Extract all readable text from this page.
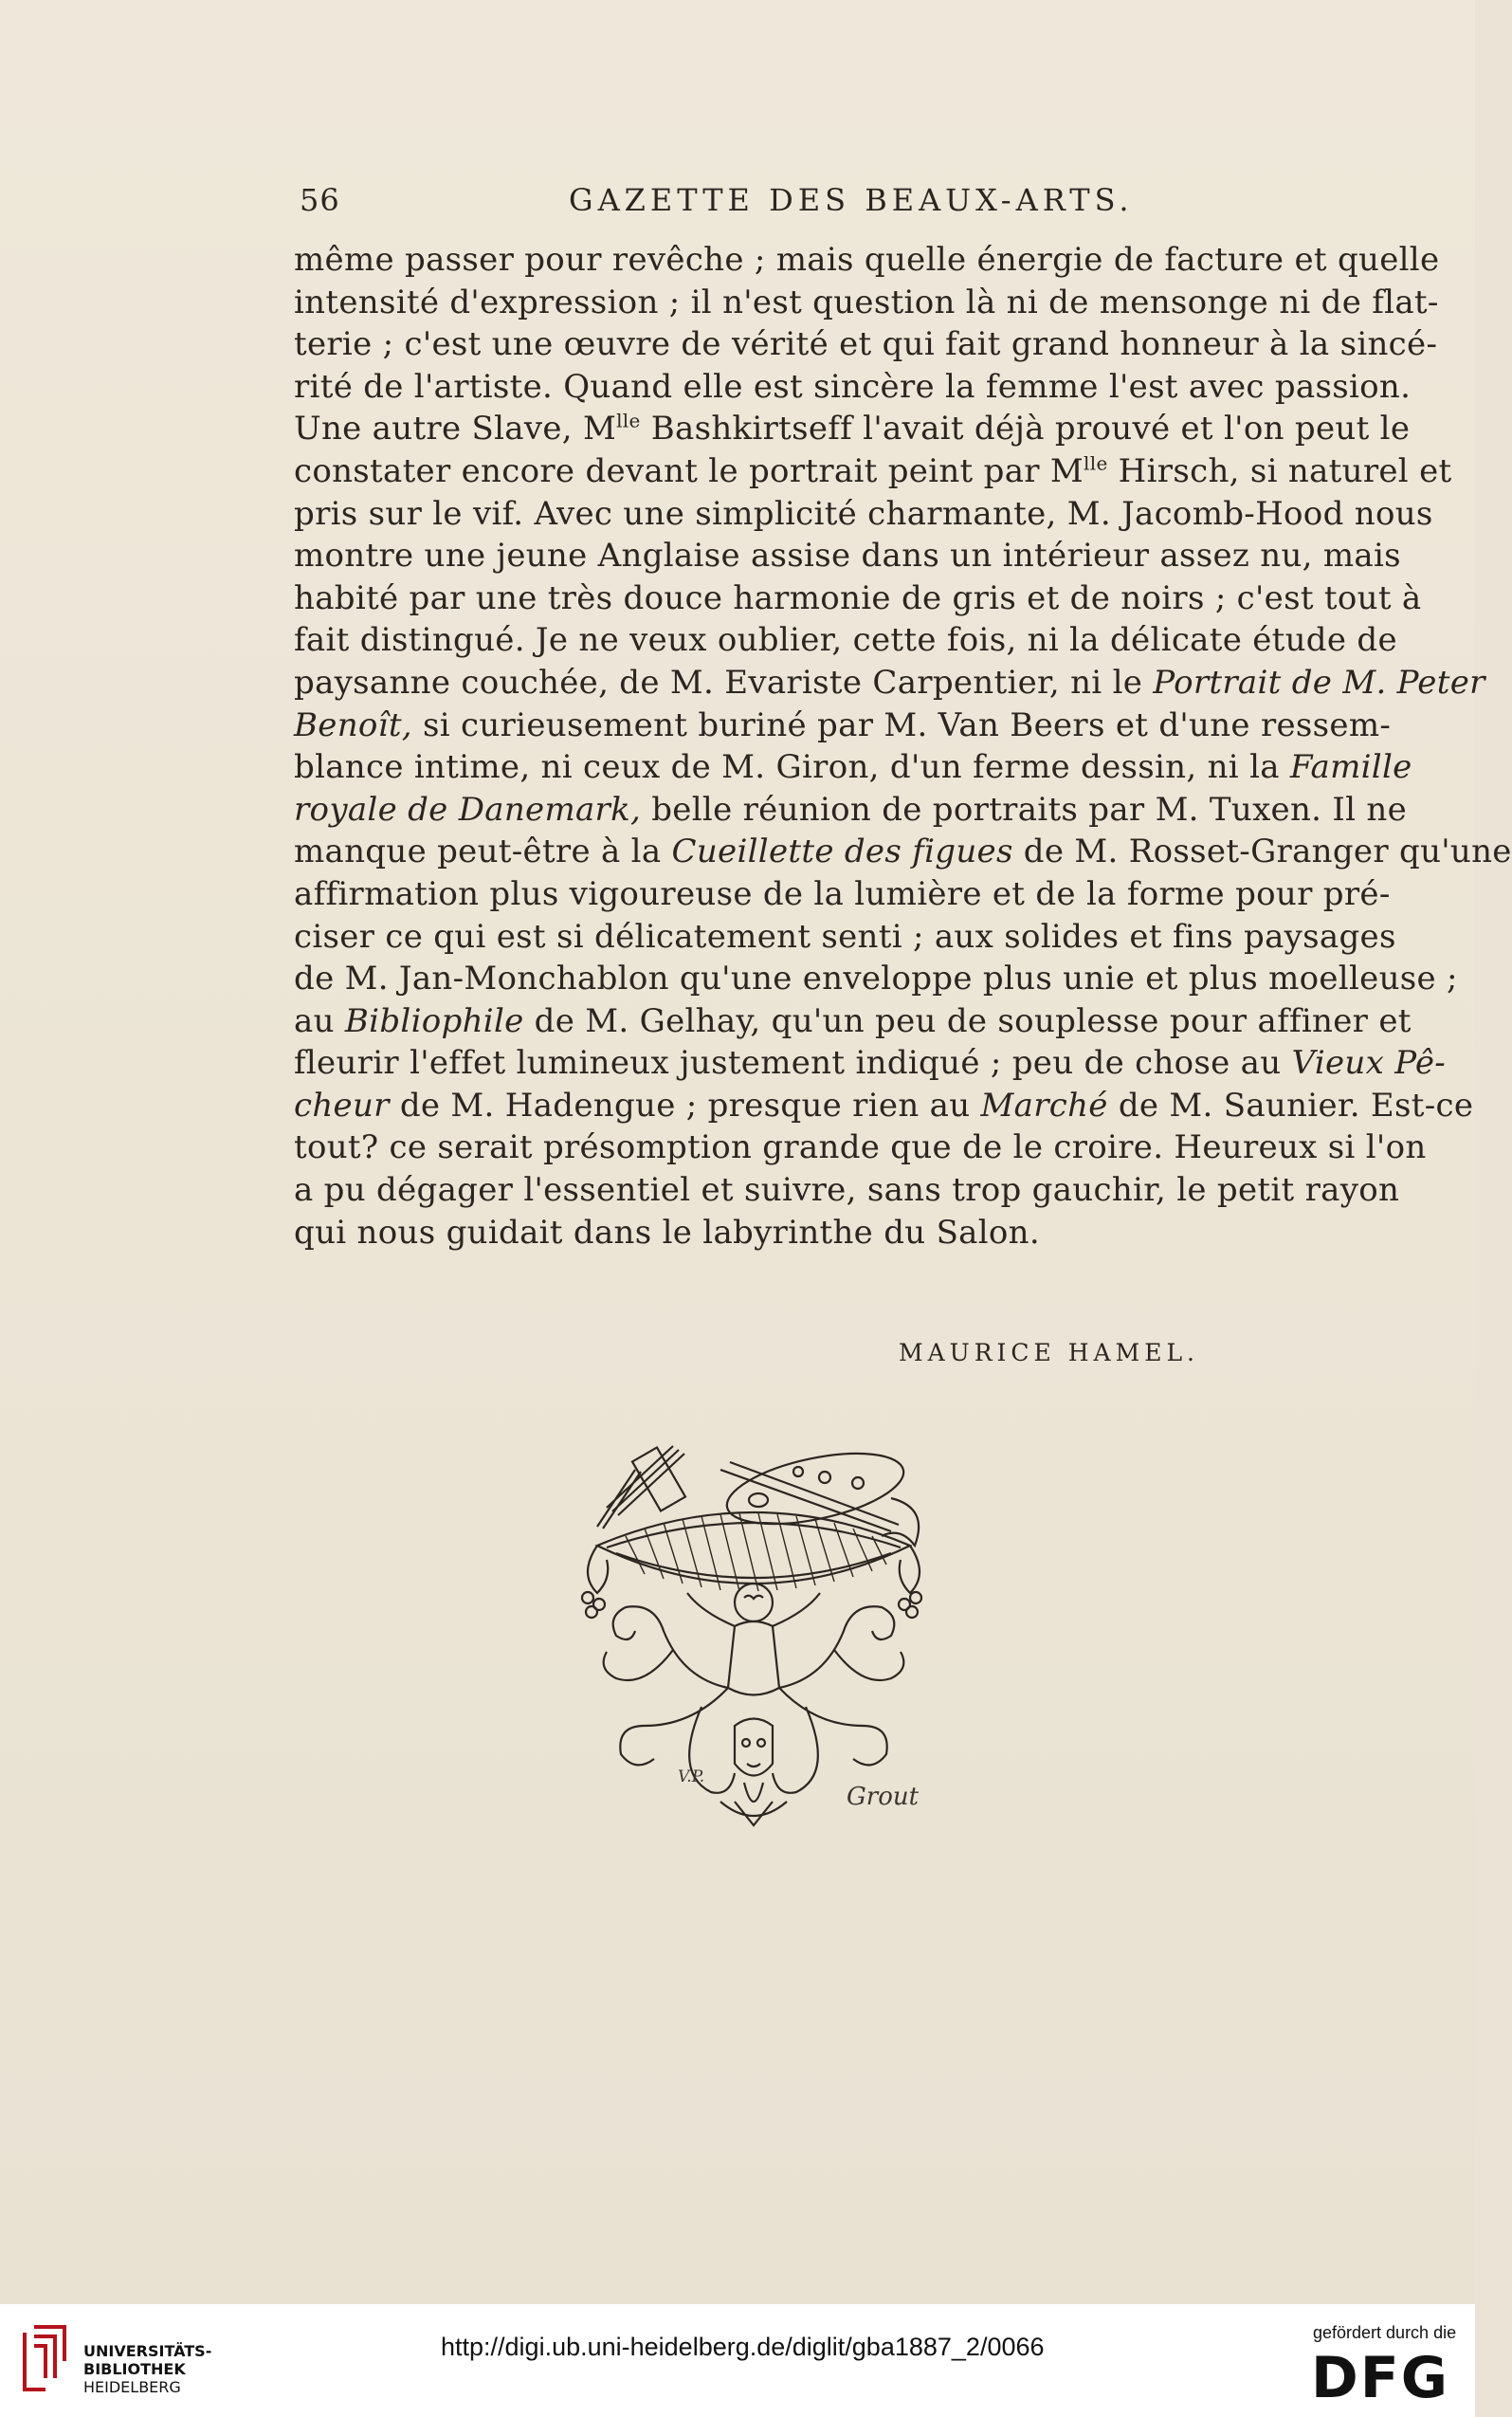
56	GAZETTE DES BEAUX-ARTS.
même passer pour revêche ; mais quelle énergie de facture et quelle
intensité d'expression ; il n'est question là ni de mensonge ni de flat-
terie ; c'est une œuvre de vérité et qui fait grand honneur à la sincé-
rité de l'artiste. Quand elle est sincère la femme l'est avec passion.
Une autre Slave, $M^{lle}$ Bashkirtseff l'avait déjà prouvé et l'on peut le
constater encore devant le portrait peint par $M^{lle}$ Hirsch, si naturel et
pris sur le vif. Avec une simplicité charmante, M. Jacomb-Hood nous
montre une jeune Anglaise assise dans un intérieur assez nu, mais
habité par une très douce harmonie de gris et de noirs ; c'est tout à
fait distingué. Je ne veux oublier, cette fois, ni la délicate étude de
paysanne couchée, de M. Evariste Carpentier, ni le Portrait de M. Peter
Benoît, si curieusement buriné par M. Van Beers et d'une ressem-
blance intime, ni ceux de M. Giron, d'un ferme dessin, ni la Famille
royale de Danemark, belle réunion de portraits par M. Tuxen. Il ne
manque peut-être à la Cueillette des figues de M. Rosset-Granger qu'une
affirmation plus vigoureuse de la lumière et de la forme pour pré-
ciser ce qui est si délicatement senti ; aux solides et fins paysages
de M. Jan-Monchablon qu'une enveloppe plus unie et plus moelleuse ;
au Bibliophile de M. Gelhay, qu'un peu de souplesse pour affiner et
fleurir l'effet lumineux justement indiqué ; peu de chose au Vieux Pê-
cheur de M. Hadengue ; presque rien au Marché de M. Saunier. Est-ce
tout? ce serait présomption grande que de le croire. Heureux si l'on
a pu dégager l'essentiel et suivre, sans trop gauchir, le petit rayon
qui nous guidait dans le labyrinthe du Salon.
MAURICE HAMEL.
V.P.
Grout
UNIVERSITÄTS-
BIBLIOTHEK
HEIDELBERG
http://digi.ub.uni-heidelberg.de/diglit/gba1887_2/0066	gefördert durch die
DFG
